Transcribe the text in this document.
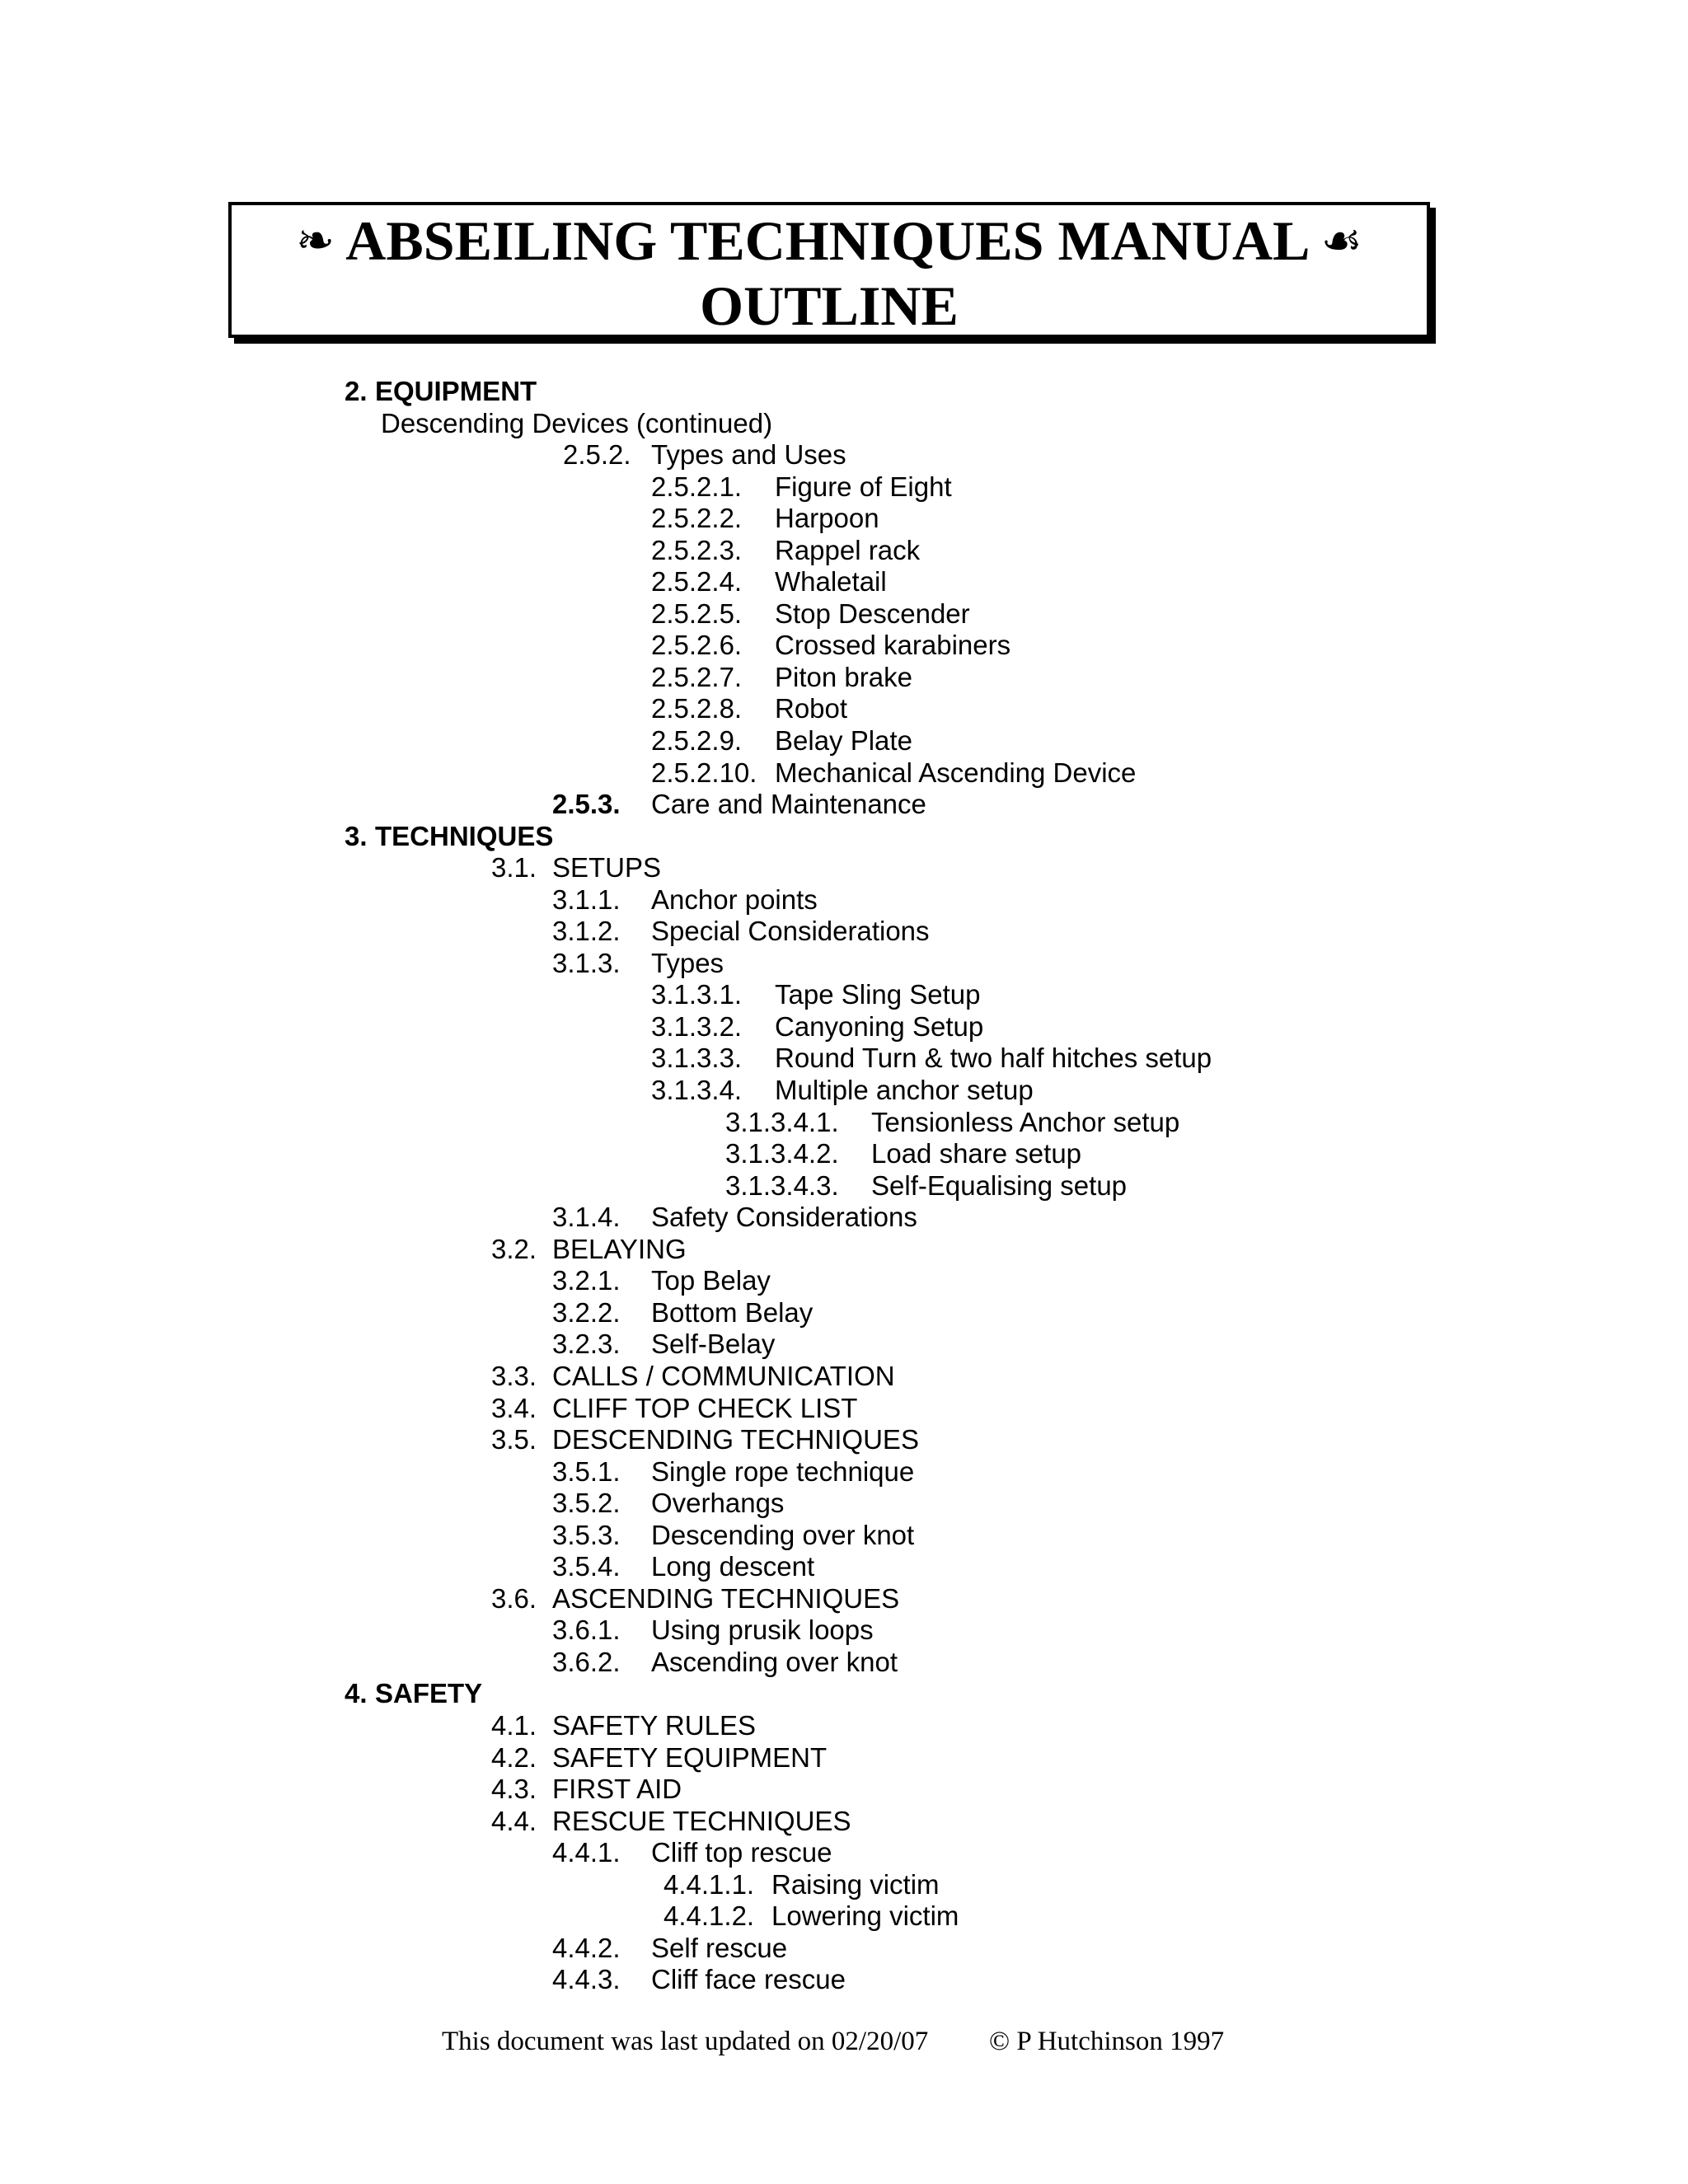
❧ ABSEILING TECHNIQUES MANUAL ☙
OUTLINE
2. EQUIPMENT
Descending Devices (continued)
2.5.2. Types and Uses
2.5.2.1. Figure of Eight
2.5.2.2. Harpoon
2.5.2.3. Rappel rack
2.5.2.4. Whaletail
2.5.2.5. Stop Descender
2.5.2.6. Crossed karabiners
2.5.2.7. Piton brake
2.5.2.8. Robot
2.5.2.9. Belay Plate
2.5.2.10. Mechanical Ascending Device
2.5.3. Care and Maintenance
3. TECHNIQUES
3.1. SETUPS
3.1.1. Anchor points
3.1.2. Special Considerations
3.1.3. Types
3.1.3.1. Tape Sling Setup
3.1.3.2. Canyoning Setup
3.1.3.3. Round Turn & two half hitches setup
3.1.3.4. Multiple anchor setup
3.1.3.4.1. Tensionless Anchor setup
3.1.3.4.2. Load share setup
3.1.3.4.3. Self-Equalising setup
3.1.4. Safety Considerations
3.2. BELAYING
3.2.1. Top Belay
3.2.2. Bottom Belay
3.2.3. Self-Belay
3.3. CALLS / COMMUNICATION
3.4. CLIFF TOP CHECK LIST
3.5. DESCENDING TECHNIQUES
3.5.1. Single rope technique
3.5.2. Overhangs
3.5.3. Descending over knot
3.5.4. Long descent
3.6. ASCENDING TECHNIQUES
3.6.1. Using prusik loops
3.6.2. Ascending over knot
4. SAFETY
4.1. SAFETY RULES
4.2. SAFETY EQUIPMENT
4.3. FIRST AID
4.4. RESCUE TECHNIQUES
4.4.1. Cliff top rescue
4.4.1.1. Raising victim
4.4.1.2. Lowering victim
4.4.2. Self rescue
4.4.3. Cliff face rescue
This document was last updated on 02/20/07 © P Hutchinson 1997
